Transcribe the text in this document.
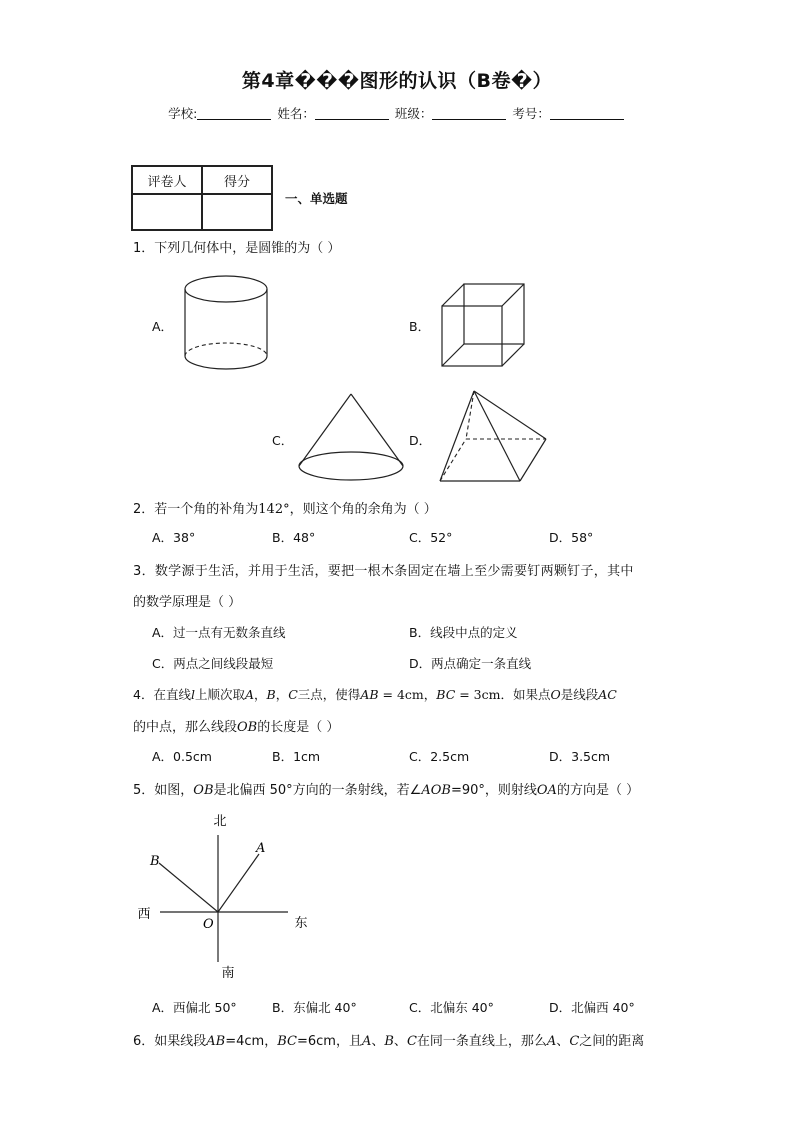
第4章���图形的认识（B卷�）
学校:	姓名：	班级：	考号：
评卷人	得分

一、单选题
1．下列几何体中，是圆锥的为（ ）
A．	B．
C．	D．
2．若一个角的补角为142°，则这个角的余角为（ ）
A．38°	B．48°	C．52°	D．58°
3．数学源于生活，并用于生活，要把一根木条固定在墙上至少需要钉两颗钉子，其中
的数学原理是（ ）
A．过一点有无数条直线	B．线段中点的定义
C．两点之间线段最短	D．两点确定一条直线
4．在直线l上顺次取A，B，C三点，使得AB = 4cm，BC = 3cm．如果点O是线段AC
的中点，那么线段OB的长度是（ ）
A．0.5cm	B．1cm	C．2.5cm	D．3.5cm
5．如图，OB是北偏西 50°方向的一条射线，若∠AOB=90°，则射线OA的方向是（ ）
北
南
西
东
A
B
O
A．西偏北 50°	B．东偏北 40°	C．北偏东 40°	D．北偏西 40°
6．如果线段AB=4cm，BC=6cm，且A、B、C在同一条直线上，那么A、C之间的距离
